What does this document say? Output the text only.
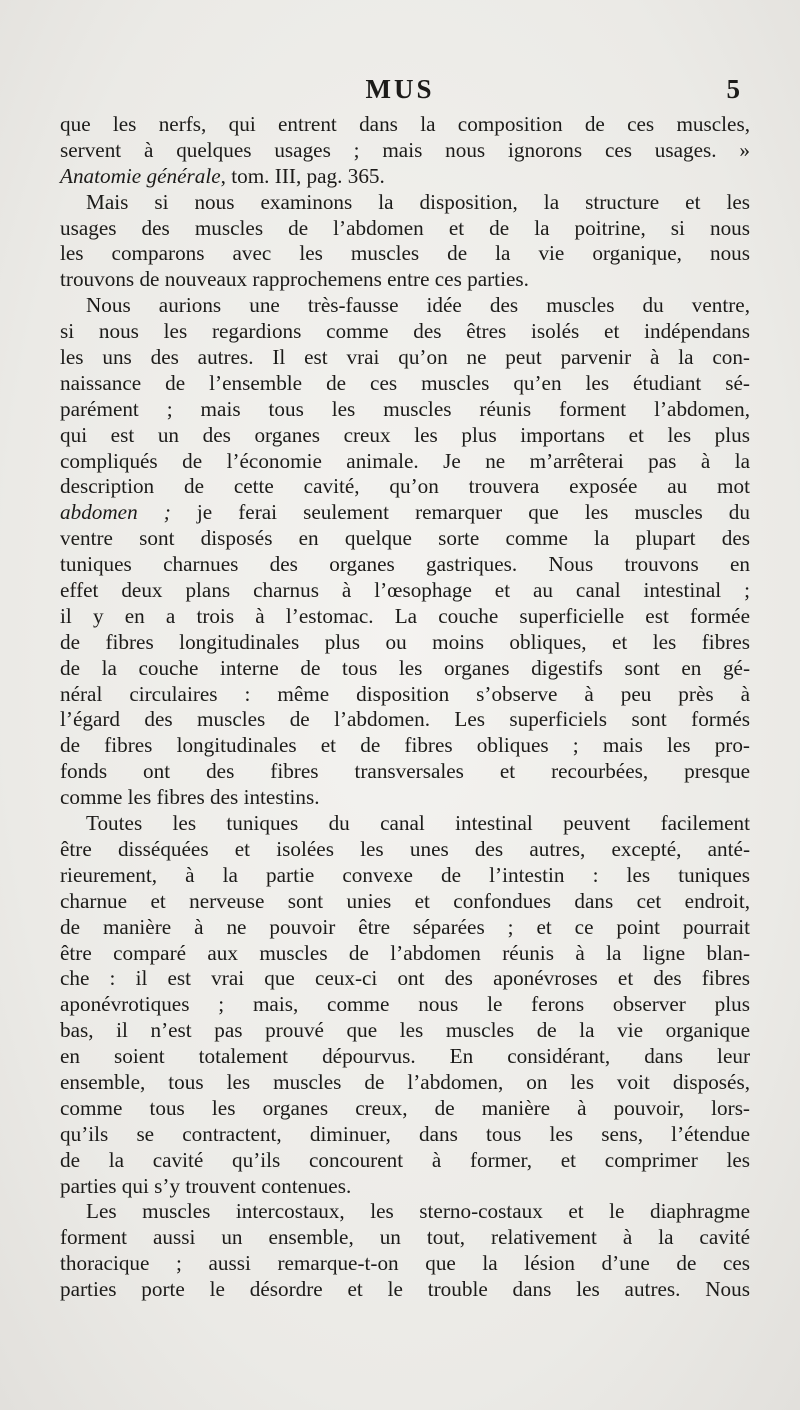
MUS	5
que les nerfs, qui entrent dans la composition de ces muscles,
servent à quelques usages ; mais nous ignorons ces usages. »
Anatomie générale, tom. III, pag. 365.
Mais si nous examinons la disposition, la structure et les
usages des muscles de l’abdomen et de la poitrine, si nous
les comparons avec les muscles de la vie organique, nous
trouvons de nouveaux rapprochemens entre ces parties.
Nous aurions une très-fausse idée des muscles du ventre,
si nous les regardions comme des êtres isolés et indépendans
les uns des autres. Il est vrai qu’on ne peut parvenir à la con-
naissance de l’ensemble de ces muscles qu’en les étudiant sé-
parément ; mais tous les muscles réunis forment l’abdomen,
qui est un des organes creux les plus importans et les plus
compliqués de l’économie animale. Je ne m’arrêterai pas à la
description de cette cavité, qu’on trouvera exposée au mot
abdomen ; je ferai seulement remarquer que les muscles du
ventre sont disposés en quelque sorte comme la plupart des
tuniques charnues des organes gastriques. Nous trouvons en
effet deux plans charnus à l’œsophage et au canal intestinal ;
il y en a trois à l’estomac. La couche superficielle est formée
de fibres longitudinales plus ou moins obliques, et les fibres
de la couche interne de tous les organes digestifs sont en gé-
néral circulaires : même disposition s’observe à peu près à
l’égard des muscles de l’abdomen. Les superficiels sont formés
de fibres longitudinales et de fibres obliques ; mais les pro-
fonds ont des fibres transversales et recourbées, presque
comme les fibres des intestins.
Toutes les tuniques du canal intestinal peuvent facilement
être disséquées et isolées les unes des autres, excepté, anté-
rieurement, à la partie convexe de l’intestin : les tuniques
charnue et nerveuse sont unies et confondues dans cet endroit,
de manière à ne pouvoir être séparées ; et ce point pourrait
être comparé aux muscles de l’abdomen réunis à la ligne blan-
che : il est vrai que ceux-ci ont des aponévroses et des fibres
aponévrotiques ; mais, comme nous le ferons observer plus
bas, il n’est pas prouvé que les muscles de la vie organique
en soient totalement dépourvus. En considérant, dans leur
ensemble, tous les muscles de l’abdomen, on les voit disposés,
comme tous les organes creux, de manière à pouvoir, lors-
qu’ils se contractent, diminuer, dans tous les sens, l’étendue
de la cavité qu’ils concourent à former, et comprimer les
parties qui s’y trouvent contenues.
Les muscles intercostaux, les sterno-costaux et le diaphragme
forment aussi un ensemble, un tout, relativement à la cavité
thoracique ; aussi remarque-t-on que la lésion d’une de ces
parties porte le désordre et le trouble dans les autres. Nous
